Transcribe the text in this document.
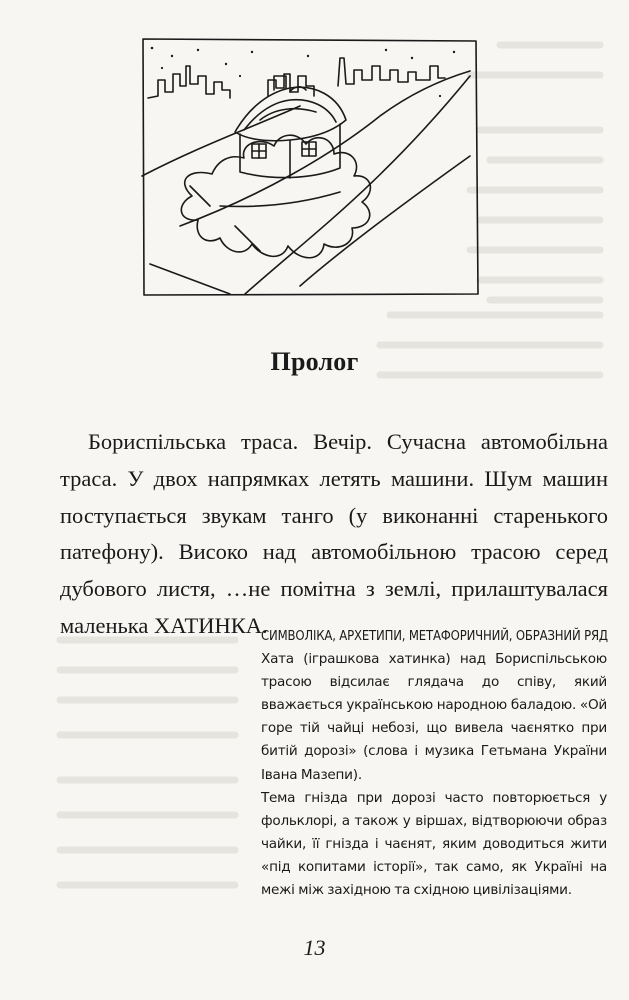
Пролог

Бориспільська траса. Вечір. Сучасна автомобільна траса. У двох напрямках летять машини. Шум машин поступається звукам танго (у виконанні старенького патефону). Високо над автомобільною трасою серед дубового листя, …не помітна з землі, прилаштувалася маленька ХАТИНКА.

СИМВОЛІКА, АРХЕТИПИ, МЕТАФОРИЧНИЙ, ОБРАЗНИЙ РЯД

Хата (іграшкова хатинка) над Бориспільською трасою відсилає глядача до співу, який вважається українською народною баладою. «Ой горе тій чайці небозі, що вивела чаєнятко при битій дорозі» (слова і музика Гетьмана України Івана Мазепи).

Тема гнізда при дорозі часто повторюється у фольклорі, а також у віршах, відтворюючи образ чайки, її гнізда і чаєнят, яким доводиться жити «під копитами історії», так само, як Україні на межі між західною та східною цивілізаціями.

13
